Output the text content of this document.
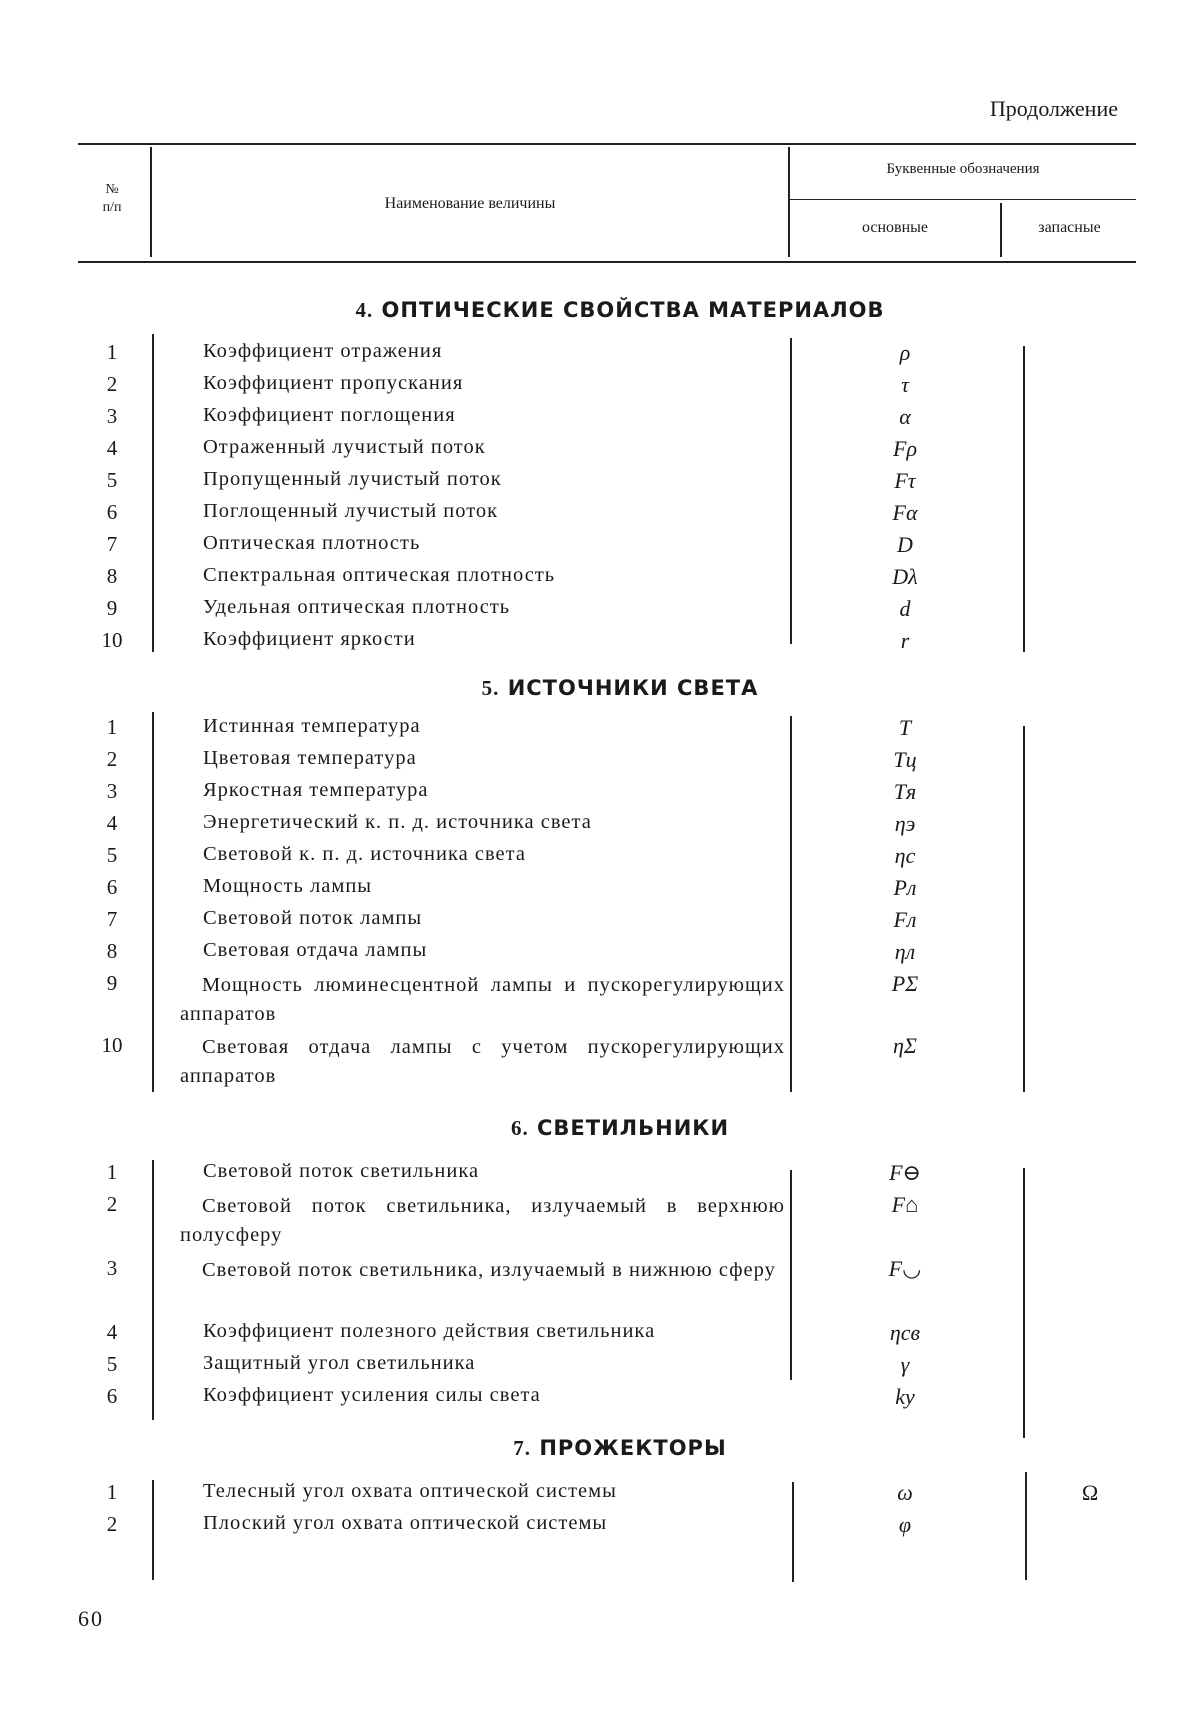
Продолжение
№
п/п	Наименование величины
Буквенные обозначения
основные	запасные
4. ОПТИЧЕСКИЕ СВОЙСТВА МАТЕРИАЛОВ
1	Коэффициент отражения	ρ
2	Коэффициент пропускания	τ
3	Коэффициент поглощения	α
4	Отраженный лучистый поток	Fρ
5	Пропущенный лучистый поток	Fτ
6	Поглощенный лучистый поток	Fα
7	Оптическая плотность	D
8	Спектральная оптическая плотность	Dλ
9	Удельная оптическая плотность	d
10	Коэффициент яркости	r
5. ИСТОЧНИКИ СВЕТА
1	Истинная температура	T
2	Цветовая температура	Tц
3	Яркостная температура	Tя
4	Энергетический к. п. д. источника света	ηэ
5	Световой к. п. д. источника света	ηс
6	Мощность лампы	Pл
7	Световой поток лампы	Fл
8	Световая отдача лампы	ηл
9	Мощность люминесцентной лампы и пускорегулирующих аппаратов
PΣ
10	Световая отдача лампы с учетом пускорегулирующих аппаратов
ηΣ
6. СВЕТИЛЬНИКИ
1	Световой поток светильника	F⊖
2	Световой поток светильника, излучаемый в верхнюю полусферу
F⌂
3	Световой поток светильника, излучаемый в нижнюю сферу	F◡
4	Коэффициент полезного действия светильника	ηсв
5	Защитный угол светильника	γ
6	Коэффициент усиления силы света	ky
7. ПРОЖЕКТОРЫ
1	Телесный угол охвата оптической системы	ω	Ω
2	Плоский угол охвата оптической системы	φ
60
